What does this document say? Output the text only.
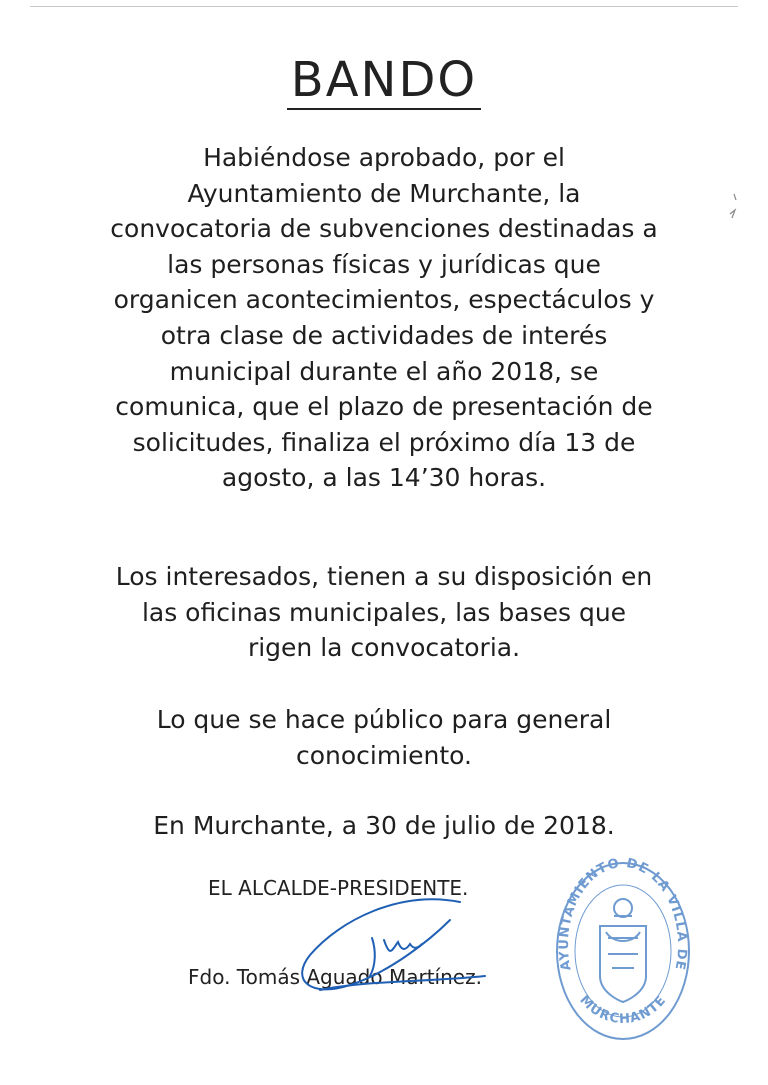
BANDO
Habiéndose aprobado, por el
Ayuntamiento de Murchante, la
convocatoria de subvenciones destinadas a
las personas físicas y jurídicas que
organicen acontecimientos, espectáculos y
otra clase de actividades de interés
municipal durante el año 2018, se
comunica, que el plazo de presentación de
solicitudes, finaliza el próximo día 13 de
agosto, a las 14’30 horas.
Los interesados, tienen a su disposición en
las oficinas municipales, las bases que
rigen la convocatoria.
Lo que se hace público para general
conocimiento.
En Murchante, a 30 de julio de 2018.
EL ALCALDE-PRESIDENTE.
Fdo. Tomás Aguado Martínez.	AYUNTAMIENTO DE LA VILLA DE
MURCHANTE
